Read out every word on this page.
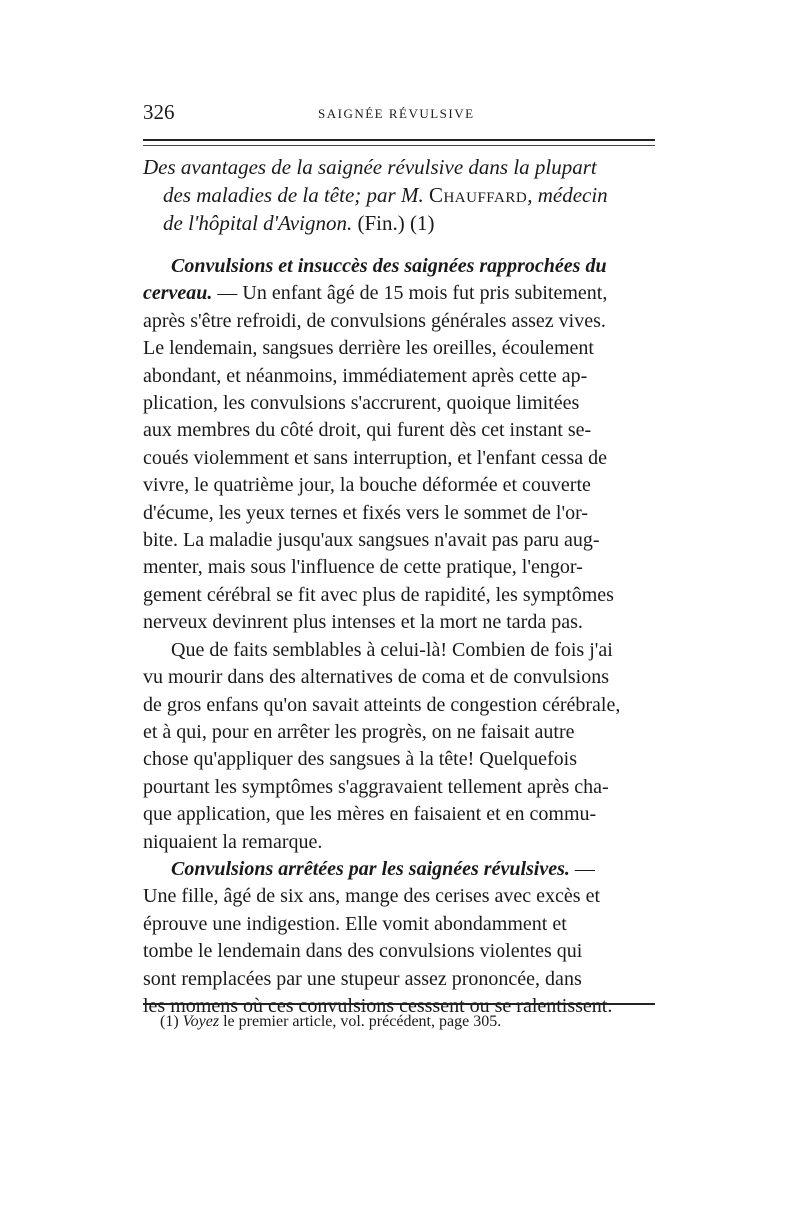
326	SAIGNÉE RÉVULSIVE
Des avantages de la saignée révulsive dans la plupart
des maladies de la tête; par M. Chauffard, médecin
de l'hôpital d'Avignon. (Fin.) (1)
Convulsions et insuccès des saignées rapprochées du
cerveau. — Un enfant âgé de 15 mois fut pris subitement,
après s'être refroidi, de convulsions générales assez vives.
Le lendemain, sangsues derrière les oreilles, écoulement
abondant, et néanmoins, immédiatement après cette ap-
plication, les convulsions s'accrurent, quoique limitées
aux membres du côté droit, qui furent dès cet instant se-
coués violemment et sans interruption, et l'enfant cessa de
vivre, le quatrième jour, la bouche déformée et couverte
d'écume, les yeux ternes et fixés vers le sommet de l'or-
bite. La maladie jusqu'aux sangsues n'avait pas paru aug-
menter, mais sous l'influence de cette pratique, l'engor-
gement cérébral se fit avec plus de rapidité, les symptômes
nerveux devinrent plus intenses et la mort ne tarda pas.
Que de faits semblables à celui-là! Combien de fois j'ai
vu mourir dans des alternatives de coma et de convulsions
de gros enfans qu'on savait atteints de congestion cérébrale,
et à qui, pour en arrêter les progrès, on ne faisait autre
chose qu'appliquer des sangsues à la tête! Quelquefois
pourtant les symptômes s'aggravaient tellement après cha-
que application, que les mères en faisaient et en commu-
niquaient la remarque.
Convulsions arrêtées par les saignées révulsives. —
Une fille, âgé de six ans, mange des cerises avec excès et
éprouve une indigestion. Elle vomit abondamment et
tombe le lendemain dans des convulsions violentes qui
sont remplacées par une stupeur assez prononcée, dans
les momens où ces convulsions cesssent ou se ralentissent.
(1) Voyez le premier article, vol. précédent, page 305.
